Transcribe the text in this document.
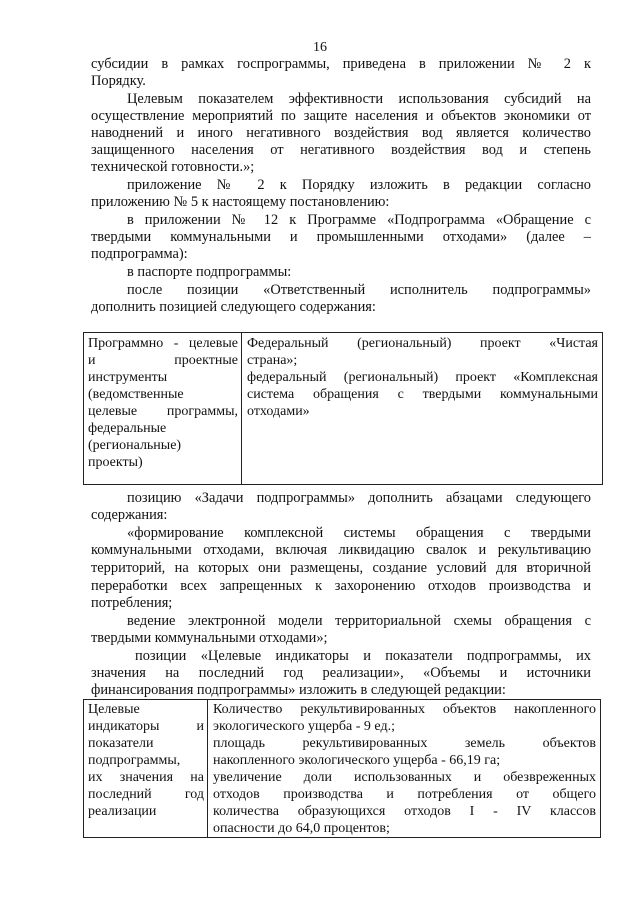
16
субсидии в рамках госпрограммы, приведена в приложении № 2 к
Порядку.
Целевым показателем эффективности использования субсидий на
осуществление мероприятий по защите населения и объектов экономики от
наводнений и иного негативного воздействия вод является количество
защищенного населения от негативного воздействия вод и степень
технической готовности.»;
приложение № 2 к Порядку изложить в редакции согласно
приложению № 5 к настоящему постановлению:
в приложении № 12 к Программе «Подпрограмма «Обращение с
твердыми коммунальными и промышленными отходами» (далее –
подпрограмма):
в паспорте подпрограммы:
после позиции «Ответственный исполнитель подпрограммы»
дополнить позицией следующего содержания:
Программно - целевые
и проектные
инструменты
(ведомственные
целевые программы,
федеральные
(региональные)
проекты)

Федеральный (региональный) проект «Чистая
страна»;
федеральный (региональный) проект «Комплексная
система обращения с твердыми коммунальными
отходами»
позицию «Задачи подпрограммы» дополнить абзацами следующего
содержания:
«формирование комплексной системы обращения с твердыми
коммунальными отходами, включая ликвидацию свалок и рекультивацию
территорий, на которых они размещены, создание условий для вторичной
переработки всех запрещенных к захоронению отходов производства и
потребления;
ведение электронной модели территориальной схемы обращения с
твердыми коммунальными отходами»;
позиции «Целевые индикаторы и показатели подпрограммы, их
значения на последний год реализации», «Объемы и источники
финансирования подпрограммы» изложить в следующей редакции:
Целевые
индикаторы и
показатели
подпрограммы,
их значения на
последний год
реализации

Количество рекультивированных объектов накопленного
экологического ущерба - 9 ед.;
площадь рекультивированных земель объектов
накопленного экологического ущерба - 66,19 га;
увеличение доли использованных и обезвреженных
отходов производства и потребления от общего
количества образующихся отходов I - IV классов
опасности до 64,0 процентов;
